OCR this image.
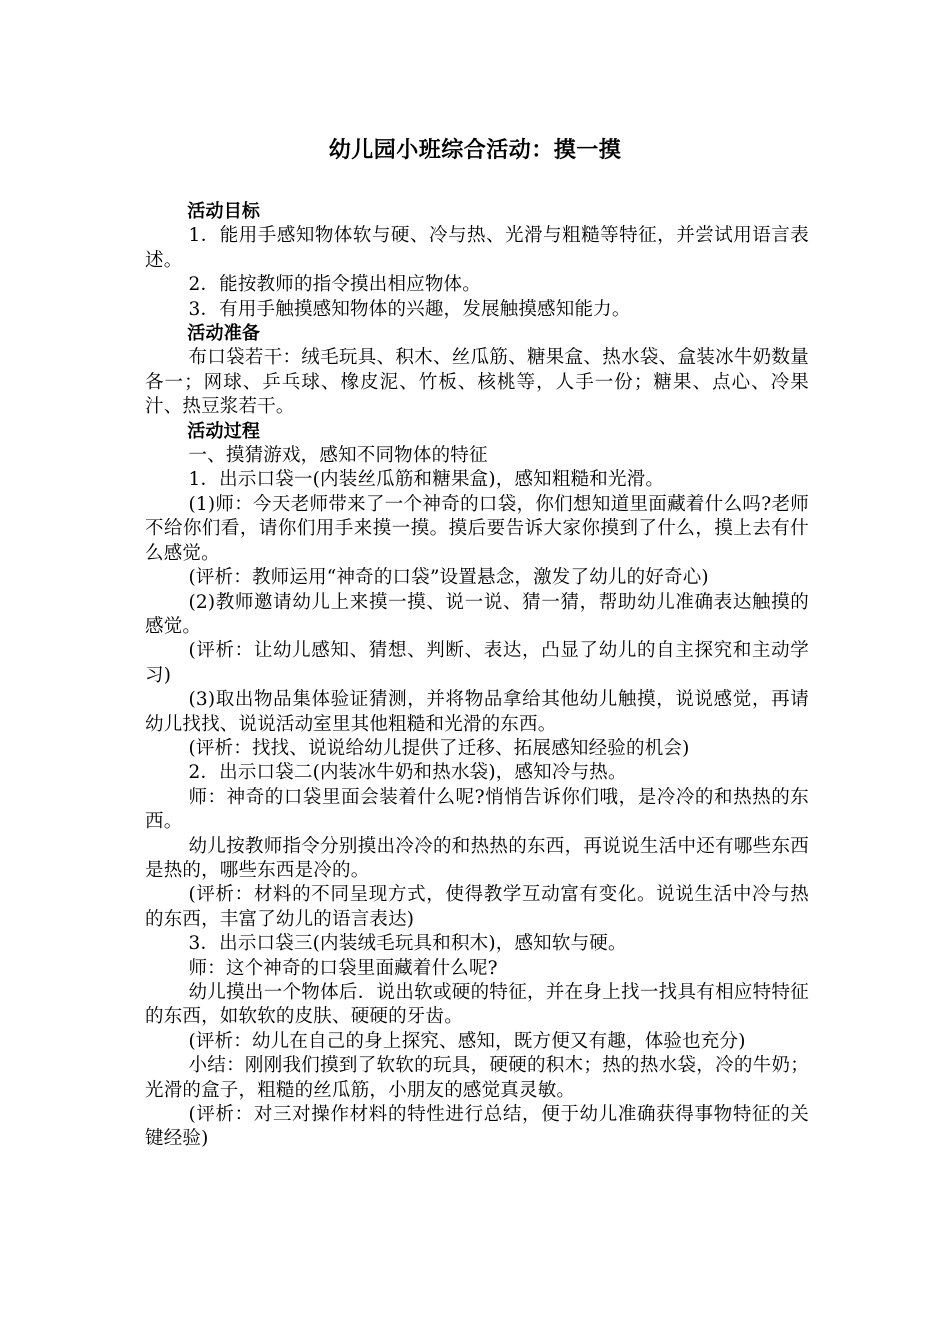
幼儿园小班综合活动：摸一摸

活动目标

1．能用手感知物体软与硬、冷与热、光滑与粗糙等特征，并尝试用语言表述。

2．能按教师的指令摸出相应物体。

3．有用手触摸感知物体的兴趣，发展触摸感知能力。

活动准备

布口袋若干：绒毛玩具、积木、丝瓜筋、糖果盒、热水袋、盒装冰牛奶数量各一；网球、乒乓球、橡皮泥、竹板、核桃等，人手一份；糖果、点心、冷果汁、热豆浆若干。

活动过程

一、摸猜游戏，感知不同物体的特征

1．出示口袋一(内装丝瓜筋和糖果盒)，感知粗糙和光滑。

(1)师：今天老师带来了一个神奇的口袋，你们想知道里面藏着什么吗?老师不给你们看，请你们用手来摸一摸。摸后要告诉大家你摸到了什么，摸上去有什么感觉。

(评析：教师运用“神奇的口袋”设置悬念，激发了幼儿的好奇心)

(2)教师邀请幼儿上来摸一摸、说一说、猜一猜，帮助幼儿准确表达触摸的感觉。

(评析：让幼儿感知、猜想、判断、表达，凸显了幼儿的自主探究和主动学习)

(3)取出物品集体验证猜测，并将物品拿给其他幼儿触摸，说说感觉，再请幼儿找找、说说活动室里其他粗糙和光滑的东西。

(评析：找找、说说给幼儿提供了迁移、拓展感知经验的机会)

2．出示口袋二(内装冰牛奶和热水袋)，感知冷与热。

师：神奇的口袋里面会装着什么呢?悄悄告诉你们哦，是冷冷的和热热的东西。

幼儿按教师指令分别摸出冷冷的和热热的东西，再说说生活中还有哪些东西是热的，哪些东西是冷的。

(评析：材料的不同呈现方式，使得教学互动富有变化。说说生活中冷与热的东西，丰富了幼儿的语言表达)

3．出示口袋三(内装绒毛玩具和积木)，感知软与硬。

师：这个神奇的口袋里面藏着什么呢?

幼儿摸出一个物体后．说出软或硬的特征，并在身上找一找具有相应特特征的东西，如软软的皮肤、硬硬的牙齿。

(评析：幼儿在自己的身上探究、感知，既方便又有趣，体验也充分)

小结：刚刚我们摸到了软软的玩具，硬硬的积木；热的热水袋，冷的牛奶；光滑的盒子，粗糙的丝瓜筋，小朋友的感觉真灵敏。

(评析：对三对操作材料的特性进行总结，便于幼儿准确获得事物特征的关键经验)
